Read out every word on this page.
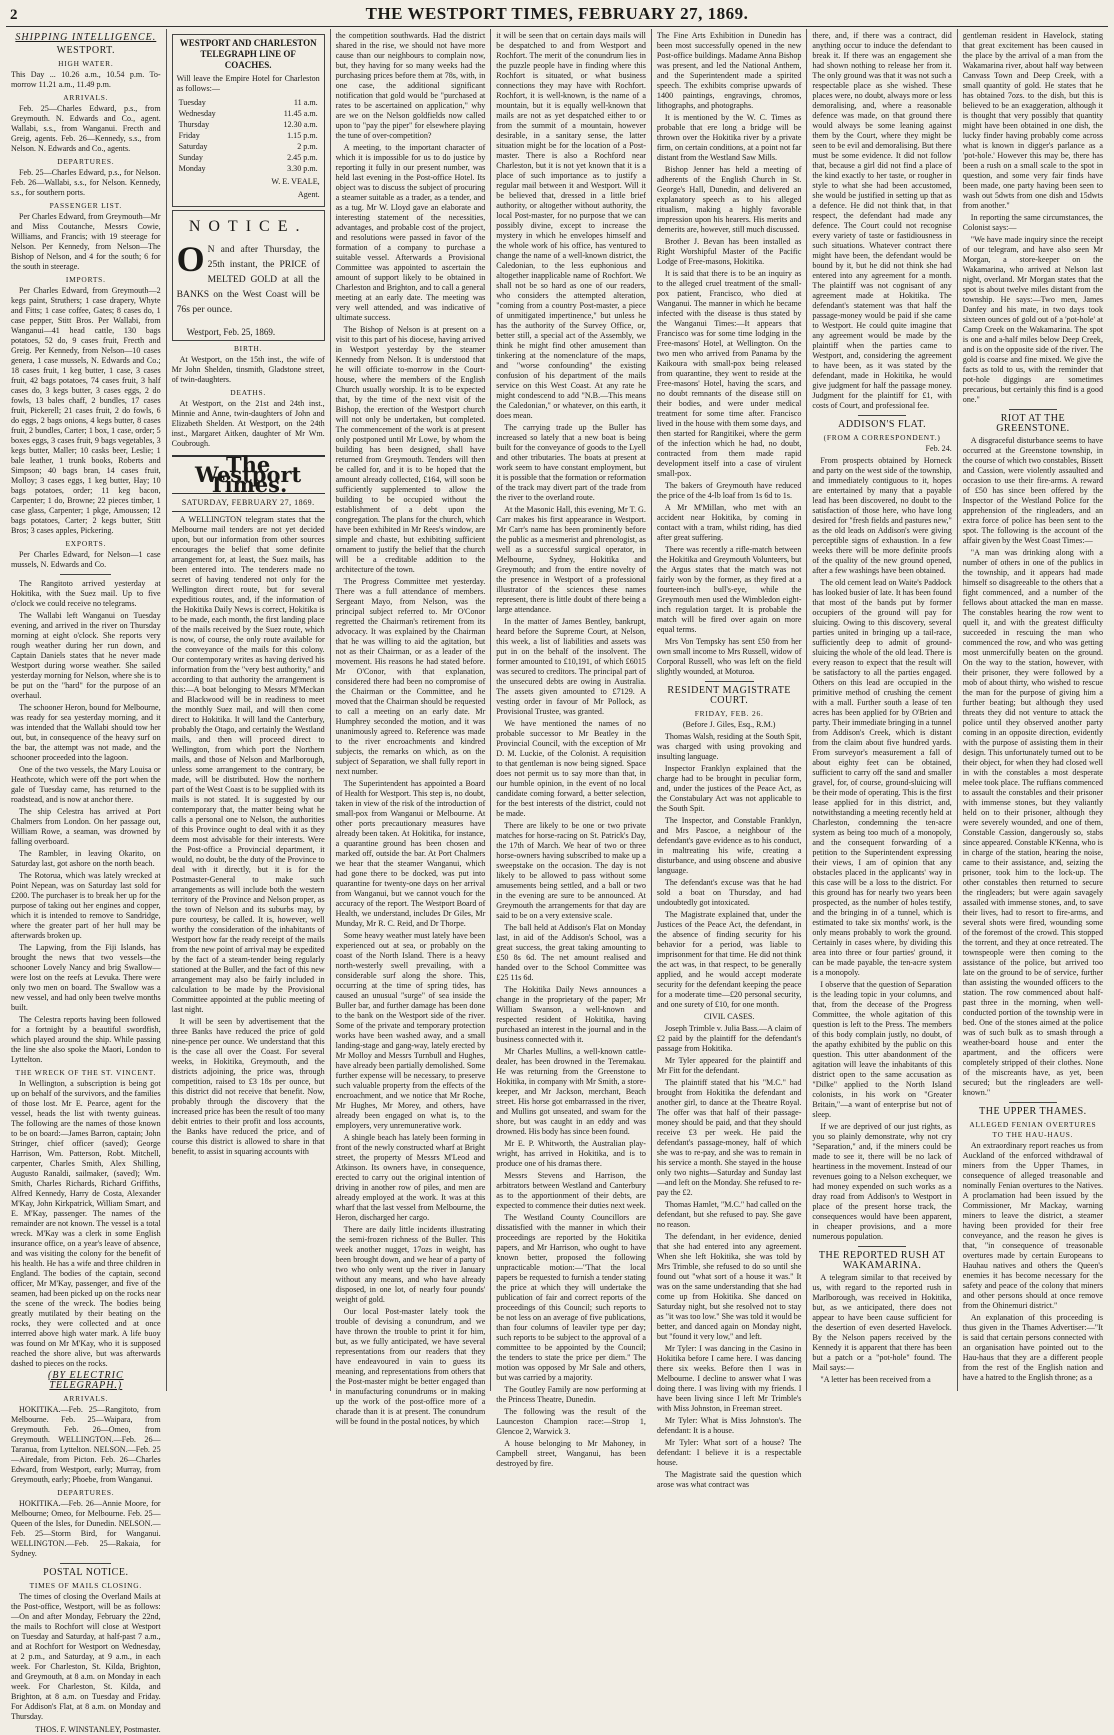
2	THE WESTPORT TIMES, FEBRUARY 27, 1869.
SHIPPING INTELLIGENCE.
WESTPORT.
HIGH WATER.

This Day ... 10.26 a.m., 10.54 p.m. To-morrow 11.21 a.m., 11.49 p.m.

ARRIVALS.

Feb. 25—Charles Edward, p.s., from Greymouth. N. Edwards and Co., agent. Wallabi, s.s., from Wanganui. Frecth and Greig, agents. Feb. 26—Kennedy, s.s., from Nelson. N. Edwards and Co., agents.

DEPARTURES.

Feb. 25—Charles Edward, p.s., for Nelson. Feb. 26—Wallabi, s.s., for Nelson. Kennedy, s.s., for southern ports.

PASSENGER LIST.

Per Charles Edward, from Greymouth—Mr and Miss Coutanche, Messrs Cowie, Williams, and Francis; with 19 steerage for Nelson. Per Kennedy, from Nelson—The Bishop of Nelson, and 4 for the south; 6 for the south in steerage.

IMPORTS.

Per Charles Edward, from Greymouth—2 kegs paint, Struthers; 1 case drapery, Whyte and Fitts; 1 case coffee, Gates; 8 cases do, 1 case pepper, Stitt Bros. Per Wallabi, from Wanganui—41 head cattle, 130 bags potatoes, 52 do, 9 cases fruit, Frecth and Greig. Per Kennedy, from Nelson—10 cases genera, 1 case mussels, N. Edwards and Co.; 18 cases fruit, 1 keg butter, 1 case, 3 cases fruit, 42 bags potatoes, 74 cases fruit, 3 half cases do, 3 kegs butter, 3 cases eggs, 2 do fowls, 13 bales chaff, 2 bundles, 17 cases fruit, Pickerell; 21 cases fruit, 2 do fowls, 6 do eggs, 2 bags onions, 4 kegs butter, 8 cases fruit, 2 bundles, Carter; 1 box, 1 case, order; 5 boxes eggs, 3 cases fruit, 9 bags vegetables, 3 kegs butter, Maller; 10 casks beer, Leslie; 1 bale leather, 1 trunk books, Roberts and Simpson; 40 bags bran, 14 cases fruit, Molloy; 3 cases eggs, 1 keg butter, Hay; 10 bags potatoes, order; 11 keg bacon, Carpenter; 1 do, Browne; 22 pieces timber, 1 case glass, Carpenter; 1 pkge, Amoussen; 12 bags potatoes, Carter; 2 kegs butter, Stitt Bros; 3 cases apples, Pickering.

EXPORTS.

Per Charles Edward, for Nelson—1 case mussels, N. Edwards and Co.

The Rangitoto arrived yesterday at Hokitika, with the Suez mail. Up to five o'clock we could receive no telegrams.

The Wallabi left Wanganui on Tuesday evening, and arrived in the river on Thursday morning at eight o'clock. She reports very rough weather during her run down, and Captain Daniels states that he never made Westport during worse weather. She sailed yesterday morning for Nelson, where she is to be put on the "hard" for the purpose of an overhaul.

The schooner Heron, bound for Melbourne, was ready for sea yesterday morning, and it was intended that the Wallabi should tow her out, but, in consequence of the heavy surf on the bar, the attempt was not made, and the schooner proceeded into the lagoon.

One of the two vessels, the Mary Louisa or Heathcote, which were off the port when the gale of Tuesday came, has returned to the roadstead, and is now at anchor there.

The ship Celestra has arrived at Port Chalmers from London. On her passage out, William Rowe, a seaman, was drowned by falling overboard.

The Rambler, in leaving Okarito, on Saturday last, got ashore on the north beach.

The Rotorua, which was lately wrecked at Point Nepean, was on Saturday last sold for £200. The purchaser is to break her up for the purpose of taking out her engines and copper, which it is intended to remove to Sandridge, where the greater part of her hull may be afterwards broken up.

The Lapwing, from the Fiji Islands, has brought the news that two vessels—the schooner Lovely Nancy and brig Swallow—were lost on the reefs at Levuka. There were only two men on board. The Swallow was a new vessel, and had only been twelve months built.

The Celestra reports having been followed for a fortnight by a beautiful swordfish, which played around the ship. While passing the line she also spoke the Maori, London to Lyttelton.

THE WRECK OF THE ST. VINCENT.

In Wellington, a subscription is being got up on behalf of the survivors, and the families of those lost. Mr E. Pearce, agent for the vessel, heads the list with twenty guineas. The following are the names of those known to be on board:—James Barron, captain; John Stringer, chief officer (saved); George Harrison, Wm. Patterson, Robt. Mitchell, carpenter, Charles Smith, Alex Shilling, Augusto Ranaldi, sailmaker, (saved); Wm. Smith, Charles Richards, Richard Griffiths, Alfred Kennedy, Harry de Costa, Alexander M'Kay, John Kirkpatrick, William Smart, and E. M'Kay, passenger. The names of the remainder are not known. The vessel is a total wreck. M'Kay was a clerk in some English insurance office, on a year's leave of absence, and was visiting the colony for the benefit of his health. He has a wife and three children in England. The bodies of the captain, second officer, Mr M'Kay, passenger, and five of the seamen, had been picked up on the rocks near the scene of the wreck. The bodies being greatly mutilated by their beating on the rocks, they were collected and at once interred above high water mark. A life buoy was found on Mr M'Kay, who it is supposed reached the shore alive, but was afterwards dashed to pieces on the rocks.

(BY ELECTRIC TELEGRAPH.)
ARRIVALS.

HOKITIKA.—Feb. 25—Rangitoto, from Melbourne. Feb. 25—Waipara, from Greymouth. Feb. 26—Omeo, from Greymouth. WELLINGTON.—Feb. 26—Taranua, from Lyttelton. NELSON.—Feb. 25—Airedale, from Picton. Feb. 26—Charles Edward, from Westport, early; Murray, from Greymouth, early; Phoebe, from Wanganui.

DEPARTURES.

HOKITIKA.—Feb. 26—Annie Moore, for Melbourne; Omeo, for Melbourne. Feb. 25—Queen of the Isles, for Dunedin. NELSON.—Feb. 25—Storm Bird, for Wanganui. WELLINGTON.—Feb. 25—Rakaia, for Sydney.

POSTAL NOTICE.
TIMES OF MAILS CLOSING.

The times of closing the Overland Mails at the Post-office, Westport, will be as follows:—On and after Monday, February the 22nd, the mails to Rochfort will close at Westport on Tuesday and Saturday, at half-past 7 a.m., and at Rochfort for Westport on Wednesday, at 2 p.m., and Saturday, at 9 a.m., in each week. For Charleston, St. Kilda, Brighton, and Greymouth, at 8 a.m. on Monday in each week. For Charleston, St. Kilda, and Brighton, at 8 a.m. on Tuesday and Friday. For Addison's Flat, at 8 a.m. on Monday and Thursday.

THOS. F. WINSTANLEY, Postmaster.

WESTPORT AND CHARLESTON TELEGRAPH LINE OF COACHES.

Will leave the Empire Hotel for Charleston as follows:—

Tuesday	11 a.m.
Wednesday	11.45 a.m.
Thursday	12.30 a.m.
Friday	1.15 p.m.
Saturday	2 p.m.
Sunday	2.45 p.m.
Monday	3.30 p.m.

W. E. VEALE,

Agent.

NOTICE.
O N and after Thursday, the 25th instant, the PRICE of MELTED GOLD at all the BANKS on the West Coast will be 76s per ounce.
Westport, Feb. 25, 1869.
BIRTH.

At Westport, on the 15th inst., the wife of Mr John Shelden, tinsmith, Gladstone street, of twin-daughters.

DEATHS.

At Westport, on the 21st and 24th inst., Minnie and Anne, twin-daughters of John and Elizabeth Shelden. At Westport, on the 24th inst., Margaret Aitken, daughter of Mr Wm. Coubrough.

The Westport Times.
SATURDAY, FEBRUARY 27, 1869.

A WELLINGTON telegram states that the Melbourne mail tenders are not yet decided upon, but our information from other sources encourages the belief that some definite arrangement for, at least, the Suez mails, has been entered into. The tenderers made no secret of having tendered not only for the Wellington direct route, but for several expeditious routes, and, if the information of the Hokitika Daily News is correct, Hokitika is to be made, each month, the first landing place of the mails received by the Suez route, which is now, of course, the only route available for the conveyance of the mails for this colony. Our contemporary writes as having derived his information from the "very best authority," and according to that authority the arrangement is this:—A boat belonging to Messrs M'Meckan and Blackwood will be in readiness to meet the monthly Suez mail, and will then come direct to Hokitika. It will land the Canterbury, probably the Otago, and certainly the Westland mails, and then will proceed direct to Wellington, from which port the Northern mails, and those of Nelson and Marlborough, unless some arrangement to the contrary, be made, will be distributed. How the northern part of the West Coast is to be supplied with its mails is not stated. It is suggested by our contemporary that, the matter being what he calls a personal one to Nelson, the authorities of this Province ought to deal with it as they deem most advisable for their interests. Were the Post-office a Provincial department, it would, no doubt, be the duty of the Province to deal with it directly, but it is for the Postmaster-General to make such arrangements as will include both the western territory of the Province and Nelson proper, as the town of Nelson and its suburbs may, by pure courtesy, be called. It is, however, well worthy the consideration of the inhabitants of Westport how far the ready receipt of the mails from the new point of arrival may be expedited by the fact of a steam-tender being regularly stationed at the Buller, and the fact of this new arrangement may also be fairly included in calculation to be made by the Provisional Committee appointed at the public meeting of last night.

It will be seen by advertisement that the three Banks have reduced the price of gold nine-pence per ounce. We understand that this is the case all over the Coast. For several weeks, in Hokitika, Greymouth, and the districts adjoining, the price was, through competition, raised to £3 18s per ounce, but this district did not receive that benefit. Now, probably through the discovery that the increased price has been the result of too many debit entries to their profit and loss accounts, the Banks have reduced the price, and of course this district is allowed to share in that benefit, to assist in squaring accounts with

the competition southwards. Had the district shared in the rise, we should not have more cause than our neighbours to complain now, but, they having for so many weeks had the purchasing prices before them at 78s, with, in one case, the additional significant notification that gold would be "purchased at rates to be ascertained on application," why are we on the Nelson goldfields now called upon to "pay the piper" for elsewhere playing the tune of over-competition?

A meeting, to the important character of which it is impossible for us to do justice by reporting it fully in our present number, was held last evening in the Post-office Hotel. Its object was to discuss the subject of procuring a steamer suitable as a trader, as a tender, and as a tug. Mr W. Lloyd gave an elaborate and interesting statement of the necessities, advantages, and probable cost of the project, and resolutions were passed in favor of the formation of a company to purchase a suitable vessel. Afterwards a Provisional Committee was appointed to ascertain the amount of support likely to be obtained in Charleston and Brighton, and to call a general meeting at an early date. The meeting was very well attended, and was indicative of ultimate success.

The Bishop of Nelson is at present on a visit to this part of his diocese, having arrived in Westport yesterday by the steamer Kennedy from Nelson. It is understood that he will officiate to-morrow in the Court-house, where the members of the English Church usually worship. It is to be expected that, by the time of the next visit of the Bishop, the erection of the Westport church will not only be undertaken, but completed. The commencement of the work is at present only postponed until Mr Lowe, by whom the building has been designed, shall have returned from Greymouth. Tenders will then be called for, and it is to be hoped that the amount already collected, £164, will soon be sufficiently supplemented to allow the building to be occupied without the establishment of a debt upon the congregation. The plans for the church, which have been exhibited in Mr Rees's window, are simple and chaste, but exhibiting sufficient ornament to justify the belief that the church will be a creditable addition to the architecture of the town.

The Progress Committee met yesterday. There was a full attendance of members. Sergeant Mayo, from Nelson, was the principal subject referred to. Mr O'Conor regretted the Chairman's retirement from its advocacy. It was explained by the Chairman that he was willing to aid the agitation, but not as their Chairman, or as a leader of the movement. His reasons he had stated before. Mr O'Conor, with that explanation, considered there had been no compromise of the Chairman or the Committee, and he moved that the Chairman should be requested to call a meeting on an early date. Mr Humphrey seconded the motion, and it was unanimously agreed to. Reference was made to the river encroachments and kindred subjects, the remarks on which, as on the subject of Separation, we shall fully report in next number.

The Superintendent has appointed a Board of Health for Westport. This step is, no doubt, taken in view of the risk of the introduction of small-pox from Wanganui or Melbourne. At other ports precautionary measures have already been taken. At Hokitika, for instance, a quarantine ground has been chosen and marked off, outside the bar. At Port Chalmers we hear that the steamer Wanganui, which had gone there to be docked, was put into quarantine for twenty-one days on her arrival from Wanganui, but we cannot vouch for the accuracy of the report. The Westport Board of Health, we understand, includes Dr Giles, Mr Munday, Mr R. C. Reid, and Dr Thorpe.

Some heavy weather must lately have been experienced out at sea, or probably on the coast of the North Island. There is a heavy north-westerly swell prevailing, with a considerable surf along the shore. This, occurring at the time of spring tides, has caused an unusual "surge" of sea inside the Buller bar, and further damage has been done to the bank on the Westport side of the river. Some of the private and temporary protection works have been washed away, and a small landing-stage and gang-way, lately erected by Mr Molloy and Messrs Turnbull and Hughes, have already been partially demolished. Some further expense will be necessary, to preserve such valuable property from the effects of the encroachment, and we notice that Mr Roche, Mr Hughes, Mr Morey, and others, have already been engaged on what is, to the employers, very unremunerative work.

A shingle beach has lately been forming in front of the newly constructed wharf at Bright street, the property of Messrs M'Leod and Atkinson. Its owners have, in consequence, erected to carry out the original intention of driving in another row of piles, and men are already employed at the work. It was at this wharf that the last vessel from Melbourne, the Heron, discharged her cargo.

There are daily little incidents illustrating the semi-frozen richness of the Buller. This week another nugget, 17ozs in weight, has been brought down, and we hear of a party of two who only went up the river in January without any means, and who have already disposed, in one lot, of nearly four pounds' weight of gold.

Our local Post-master lately took the trouble of devising a conundrum, and we have thrown the trouble to print it for him, but, as we fully anticipated, we have several representations from our readers that they have endeavoured in vain to guess its meaning, and representations from others that the Post-master might be better engaged than in manufacturing conundrums or in making up the work of the post-office more of a charade than it is at present. The conundrum will be found in the postal notices, by which

it will be seen that on certain days mails will be despatched to and from Westport and Rochfort. The merit of the conundrum lies in the puzzle people have in finding where this Rochfort is situated, or what business connections they may have with Rochfort. Rochfort, it is well-known, is the name of a mountain, but it is equally well-known that mails are not as yet despatched either to or from the summit of a mountain, however desirable, in a sanitary sense, the latter situation might be for the location of a Post-master. There is also a Rochford near Charleston, but it is not yet known that it is a place of such importance as to justify a regular mail between it and Westport. Will it be believed that, dressed in a little brief authority, or altogether without authority, the local Post-master, for no purpose that we can possibly divine, except to increase the mystery in which he envelopes himself and the whole work of his office, has ventured to change the name of a well-known district, the Caledonian, to the less euphonious and altogether inapplicable name of Rochfort. We shall not be so hard as one of our readers, who considers the attempted alteration, "coming from a country Post-master, a piece of unmitigated impertinence," but unless he has the authority of the Survey Office, or, better still, a special act of the Assembly, we think he might find other amusement than tinkering at the nomenclature of the maps, and "worse confounding" the existing confusion of his department of the mails service on this West Coast. At any rate he might condescend to add "N.B.—This means the Caledonian," or whatever, on this earth, it does mean.

The carrying trade up the Buller has increased so lately that a new boat is being built for the conveyance of goods to the Lyell and other tributaries. The boats at present at work seem to have constant employment, but it is possible that the formation or reformation of the track may divert part of the trade from the river to the overland route.

At the Masonic Hall, this evening, Mr T. G. Carr makes his first appearance in Westport. Mr Carr's name has been prominently before the public as a mesmerist and phrenologist, as well as a successful surgical operator, in Melbourne, Sydney, Hokitika and Greymouth; and from the entire novelty of the presence in Westport of a professional illustrator of the sciences these names represent, there is little doubt of there being a large attendance.

In the matter of James Bentley, bankrupt, heard before the Supreme Court, at Nelson, this week, a list of liabilities and assets was put in on the behalf of the insolvent. The former amounted to £10,191, of which £6015 was secured to creditors. The principal part of the unsecured debts are owing in Australia. The assets given amounted to £7129. A vesting order in favour of Mr Pollock, as Provisional Trustee, was granted.

We have mentioned the names of no probable successor to Mr Beatley in the Provincial Council, with the exception of Mr D. M. Luckie, of the Colonist. A requisition to that gentleman is now being signed. Space does not permit us to say more than that, in our humble opinion, in the event of no local candidate coming forward, a better selection, for the best interests of the district, could not be made.

There are likely to be one or two private matches for horse-racing on St. Patrick's Day, the 17th of March. We hear of two or three horse-owners having subscribed to make up a sweepstake on the occasion. The day is not likely to be allowed to pass without some amusements being settled, and a ball or two in the evening are sure to be announced. At Greymouth the arrangements for that day are said to be on a very extensive scale.

The ball held at Addison's Flat on Monday last, in aid of the Addison's School, was a great success, the great taking amounting to £50 8s 6d. The net amount realised and handed over to the School Committee was £25 11s 6d.

The Hokitika Daily News announces a change in the proprietary of the paper; Mr William Swanson, a well-known and respected resident of Hokitika, having purchased an interest in the journal and in the business connected with it.

Mr Charles Mullins, a well-known cattle-dealer, has been drowned in the Teremakau. He was returning from the Greenstone to Hokitika, in company with Mr Smith, a store-keeper, and Mr Jackson, merchant, Beach street. His horse got embarrassed in the river, and Mullins got unseated, and swam for the shore, but was caught in an eddy and was drowned. His body has since been found.

Mr E. P. Whitworth, the Australian play-wright, has arrived in Hokitika, and is to produce one of his dramas there.

Messrs Stevens and Harrison, the arbitrators between Westland and Canterbury as to the apportionment of their debts, are expected to commence their duties next week.

The Westland County Councillors are dissatisfied with the manner in which their proceedings are reported by the Hokitika papers, and Mr Harrison, who ought to have known better, proposed the following unpracticable motion:—"That the local papers be requested to furnish a tender stating the price at which they will undertake the publication of fair and correct reports of the proceedings of this Council; such reports to be not less on an average of five publications, than four columns of leaviler type per day; such reports to be subject to the approval of a committee to be appointed by the Council; the tenders to state the price per diem." The motion was opposed by Mr Sale and others, but was carried by a majority.

The Goutley Family are now performing at the Princess Theatre, Dunedin.

The following was the result of the Launceston Champion race:—Strop 1, Glencoe 2, Warwick 3.

A house belonging to Mr Mahoney, in Campbell street, Wanganui, has been destroyed by fire.

The Fine Arts Exhibition in Dunedin has been most successfully opened in the new Post-office buildings. Madame Anna Bishop was present, and led the National Anthem, and the Superintendent made a spirited speech. The exhibits comprise upwards of 1400 paintings, engravings, chromos, lithographs, and photographs.

It is mentioned by the W. C. Times as probable that ere long a bridge will be thrown over the Hokitika river by a private firm, on certain conditions, at a point not far distant from the Westland Saw Mills.

Bishop Jenner has held a meeting of adherents of the English Church in St. George's Hall, Dunedin, and delivered an explanatory speech as to his alleged ritualism, making a highly favorable impression upon his hearers. His merits and demerits are, however, still much discussed.

Brother J. Bevan has been installed as Right Worshipful Master of the Pacific Lodge of Free-masons, Hokitika.

It is said that there is to be an inquiry as to the alleged cruel treatment of the small-pox patient, Francisco, who died at Wanganui. The manner in which he became infected with the disease is thus stated by the Wanganui Times:—It appears that Francisco was for some time lodging in the Free-masons' Hotel, at Wellington. On the two men who arrived from Panama by the Kaikoura with small-pox being released from quarantine, they went to reside at the Free-masons' Hotel, having the scars, and no doubt remnants of the disease still on their bodies, and were under medical treatment for some time after. Francisco lived in the house with them some days, and then started for Rangitikei, where the germ of the infection which he had, no doubt, contracted from them made rapid development itself into a case of virulent small-pox.

The bakers of Greymouth have reduced the price of the 4-lb loaf from 1s 6d to 1s.

A Mr M'Millan, who met with an accident near Hokitika, by coming in contact with a tram, whilst riding, has died after great suffering.

There was recently a rifle-match between the Hokitika and Greymouth Volunteers, but the Argus states that the match was not fairly won by the former, as they fired at a fourteen-inch bull's-eye, while the Greymouth men used the Wimbledon eight-inch regulation target. It is probable the match will be fired over again on more equal terms.

Mrs Von Tempsky has sent £50 from her own small income to Mrs Russell, widow of Corporal Russell, who was left on the field slightly wounded, at Moturoa.

RESIDENT MAGISTRATE COURT.
FRIDAY, FEB. 26.

(Before J. Giles, Esq., R.M.)

Thomas Walsh, residing at the South Spit, was charged with using provoking and insulting language.

Inspector Franklyn explained that the charge had to be brought in peculiar form, and, under the justices of the Peace Act, as the Constabulary Act was not applicable to the South Spit.

The Inspector, and Constable Franklyn, and Mrs Pascoe, a neighbour of the defendant's gave evidence as to his conduct, in maltreating his wife, creating a disturbance, and using obscene and abusive language.

The defendant's excuse was that he had sold a boat on Thursday, and had undoubtedly got intoxicated.

The Magistrate explained that, under the Justices of the Peace Act, the defendant, in the absence of finding security for his behavior for a period, was liable to imprisonment for that time. He did not think the act was, in that respect, to be generally applied, and he would accept moderate security for the defendant keeping the peace for a moderate time—£20 personal security, and one surety of £10, for one month.

CIVIL CASES.

Joseph Trimble v. Julia Bass.—A claim of £2 paid by the plaintiff for the defendant's passage from Hokitika.

Mr Tyler appeared for the plaintiff and Mr Fitt for the defendant.

The plaintiff stated that his "M.C." had brought from Hokitika the defendant and another girl, to dance at the Theatre Royal. The offer was that half of their passage-money should be paid, and that they should receive £3 per week. He paid the defendant's passage-money, half of which she was to re-pay, and she was to remain in his service a month. She stayed in the house only two nights—Saturday and Sunday last—and left on the Monday. She refused to re-pay the £2.

Thomas Hamlet, "M.C." had called on the defendant, but she refused to pay. She gave no reason.

The defendant, in her evidence, denied that she had entered into any agreement. When she left Hokitika, she was told by Mrs Trimble, she refused to do so until she found out "what sort of a house it was." It was on the same understanding that she had come up from Hokitika. She danced on Saturday night, but she resolved not to stay as "it was too low." She was told it would be better, and danced again on Monday night, but "found it very low," and left.

Mr Tyler: I was dancing in the Casino in Hokitika before I came here. I was dancing there six weeks. Before then I was in Melbourne. I decline to answer what I was doing there. I was living with my friends. I have been living since I left Mr Trimble's with Miss Johnston, in Freeman street.

Mr Tyler: What is Miss Johnston's. The defendant: It is a house.

Mr Tyler: What sort of a house? The defendant: I believe it is a respectable house.

The Magistrate said the question which arose was what contract was

there, and, if there was a contract, did anything occur to induce the defendant to break it. If there was an engagement she had shown nothing to release her from it. The only ground was that it was not such a respectable place as she wished. These places were, no doubt, always more or less demoralising, and, where a reasonable defence was made, on that ground there would always be some leaning against them by the Court, where they might be seen to be evil and demoralising. But there must be some evidence. It did not follow that, because a girl did not find a place of the kind exactly to her taste, or rougher in style to what she had been accustomed, she would be justified in setting up that as a defence. He did not think that, in that respect, the defendant had made any defence. The Court could not recognise every variety of taste or fastidiousness in such situations. Whatever contract there might have been, the defendant would be bound by it, but he did not think she had entered into any agreement for a month. The plaintiff was not cognisant of any agreement made at Hokitika. The defendant's statement was that half the passage-money would be paid if she came to Westport. He could quite imagine that any agreement would be made by the plaintiff when the parties came to Westport, and, considering the agreement to have been, as it was stated by the defendant, made in Hokitika, he would give judgment for half the passage money. Judgment for the plaintiff for £1, with costs of Court, and professional fee.

ADDISON'S FLAT.
(FROM A CORRESPONDENT.)

Feb. 24.

From prospects obtained by Horneck and party on the west side of the township, and immediately contiguous to it, hopes are entertained by many that a payable lead has been discovered, no doubt to the satisfaction of those here, who have long desired for "fresh fields and pastures new," as the old leads on Addison's were giving perceptible signs of exhaustion. In a few weeks there will be more definite proofs of the quality of the new ground opened, after a few washings have been obtained.

The old cement lead on Waite's Paddock has looked busier of late. It has been found that most of the bands put by former occupiers of the ground will pay for sluicing. Owing to this discovery, several parties united in bringing up a tail-race, sufficiently deep to admit of ground-sluicing the whole of the old lead. There is every reason to expect that the result will be satisfactory to all the parties engaged. Others on this lead are occupied in the primitive method of crushing the cement with a mall. Further south a lease of ten acres has been applied for by O'Brien and party. Their immediate bringing in a tunnel from Addison's Creek, which is distant from the claim about five hundred yards. From surveyor's measurement a fall of about eighty feet can be obtained, sufficient to carry off the sand and smaller gravel, for, of course, ground-sluicing will be their mode of operating. This is the first lease applied for in this district, and, notwithstanding a meeting recently held at Charleston, condemning the ten-acre system as being too much of a monopoly, and the consequent forwarding of a petition to the Superintendent expressing their views, I am of opinion that any obstacles placed in the applicants' way in this case will be a loss to the district. For this ground has for nearly two years been prospected, as the number of holes testify, and the bringing in of a tunnel, which is estimated to take six months' work, is the only means probably to work the ground. Certainly in cases where, by dividing this area into three or four parties' ground, it can be made payable, the ten-acre system is a monopoly.

I observe that the question of Separation is the leading topic in your columns, and that, from the decease of the Progress Committee, the whole agitation of this question is left to the Press. The members of this body complain justly, no doubt, of the apathy exhibited by the public on this question. This utter abandonment of the agitation will leave the inhabitants of this district open to the same accusation as "Dilke" applied to the North Island colonists, in his work on "Greater Britain,"—a want of enterprise but not of sleep.

If we are deprived of our just rights, as you so plainly demonstrate, why not cry "Separation," and, if the miners could be made to see it, there will be no lack of heartiness in the movement. Instead of our revenues going to a Nelson exchequer, we had money expended on such works as a dray road from Addison's to Westport in place of the present horse track, the consequences would have been apparent, in cheaper provisions, and a more numerous population.

THE REPORTED RUSH AT WAKAMARINA.

A telegram similar to that received by us, with regard to the reported rush in Marlborough, was received in Hokitika, but, as we anticipated, there does not appear to have been cause sufficient for the desertion of even deserted Havelock. By the Nelson papers received by the Kennedy it is apparent that there has been but a patch or a "pot-hole" found. The Mail says:—

"A letter has been received from a

gentleman resident in Havelock, stating that great excitement has been caused in the place by the arrival of a man from the Wakamarina river, about half way between Canvass Town and Deep Creek, with a small quantity of gold. He states that he has obtained 7ozs. to the dish, but this is believed to be an exaggeration, although it is thought that very possibly that quantity might have been obtained in one dish, the lucky finder having probably come across what is known in digger's parlance as a 'pot-hole.' However this may be, there has been a rush on a small scale to the spot in question, and some very fair finds have been made, one party having been seen to wash out 5dwts from one dish and 15dwts from another."

In reporting the same circumstances, the Colonist says:—

"We have made inquiry since the receipt of our telegram, and have also seen Mr Morgan, a store-keeper on the Wakamarina, who arrived at Nelson last night, overland. Mr Morgan states that the spot is about twelve miles distant from the township. He says:—Two men, James Danfey and his mate, in two days took sixteen ounces of gold out of a 'pot-hole' at Camp Creek on the Wakamarina. The spot is one and a-half miles below Deep Creek, and is on the opposite side of the river. The gold is coarse and fine mixed. We give the facts as told to us, with the reminder that pot-hole diggings are sometimes precarious, but certainly this find is a good one."

RIOT AT THE GREENSTONE.

A disgraceful disturbance seems to have occurred at the Greenstone township, in the course of which two constables, Bissett and Cassion, were violently assaulted and occasion to use their fire-arms. A reward of £50 has since been offered by the Inspector of the Westland Police for the apprehension of the ringleaders, and an extra force of police has been sent to the spot. The following is the account of the affair given by the West Coast Times:—

"A man was drinking along with a number of others in one of the publics in the township, and it appears had made himself so disagreeable to the others that a fight commenced, and a number of the fellows about attacked the man en masse. The constables hearing the row went to quell it, and with the greatest difficulty succeeded in rescuing the man who commenced the row, and who was getting most unmercifully beaten on the ground. On the way to the station, however, with their prisoner, they were followed by a mob of about thirty, who wished to rescue the man for the purpose of giving him a further beating; but although they used threats they did not venture to attack the police until they observed another party coming in an opposite direction, evidently with the purpose of assisting them in their design. This unfortunately turned out to be their object, for when they had closed well in with the constables a most desperate melee took place. The ruffians commenced to assault the constables and their prisoner with immense stones, but they valiantly held on to their prisoner, although they were severely wounded, and one of them, Constable Cassion, dangerously so, stabs since appeared. Constable K'Kenna, who is in charge of the station, hearing the noise, came to their assistance, and, seizing the prisoner, took him to the lock-up. The other constables then returned to secure the ringleaders; but were again savagely assailed with immense stones, and, to save their lives, had to resort to fire-arms, and several shots were fired, wounding some of the foremost of the crowd. This stopped the torrent, and they at once retreated. The townspeople were then coming to the assistance of the police, but arrived too late on the ground to be of service, further than assisting the wounded officers to the station. The row commenced about half-past three in the morning, when well-conducted portion of the township were in bed. One of the stones aimed at the police was of such bulk as to smash through a weather-board house and enter the apartment, and the officers were completely stripped of their clothes. None of the miscreants have, as yet, been secured; but the ringleaders are well-known."

THE UPPER THAMES.
ALLEGED FENIAN OVERTURES TO THE HAU-HAUS.

An extraordinary report reaches us from Auckland of the enforced withdrawal of miners from the Upper Thames, in consequence of alleged treasonable and nominally Fenian overtures to the Natives. A proclamation had been issued by the Commissioner, Mr Mackay, warning miners to leave the district, a steamer having been provided for their free conveyance, and the reason he gives is that, "in consequence of treasonable overtures made by certain Europeans to Hauhau natives and others the Queen's enemies it has become necessary for the safety and peace of the colony that miners and other persons should at once remove from the Ohinemuri district."

An explanation of this proceeding is thus given in the Thames Advertiser:—"It is said that certain persons connected with an organisation have pointed out to the Hau-haus that they are a different people from the rest of the English nation and have a hatred to the English throne; as a
